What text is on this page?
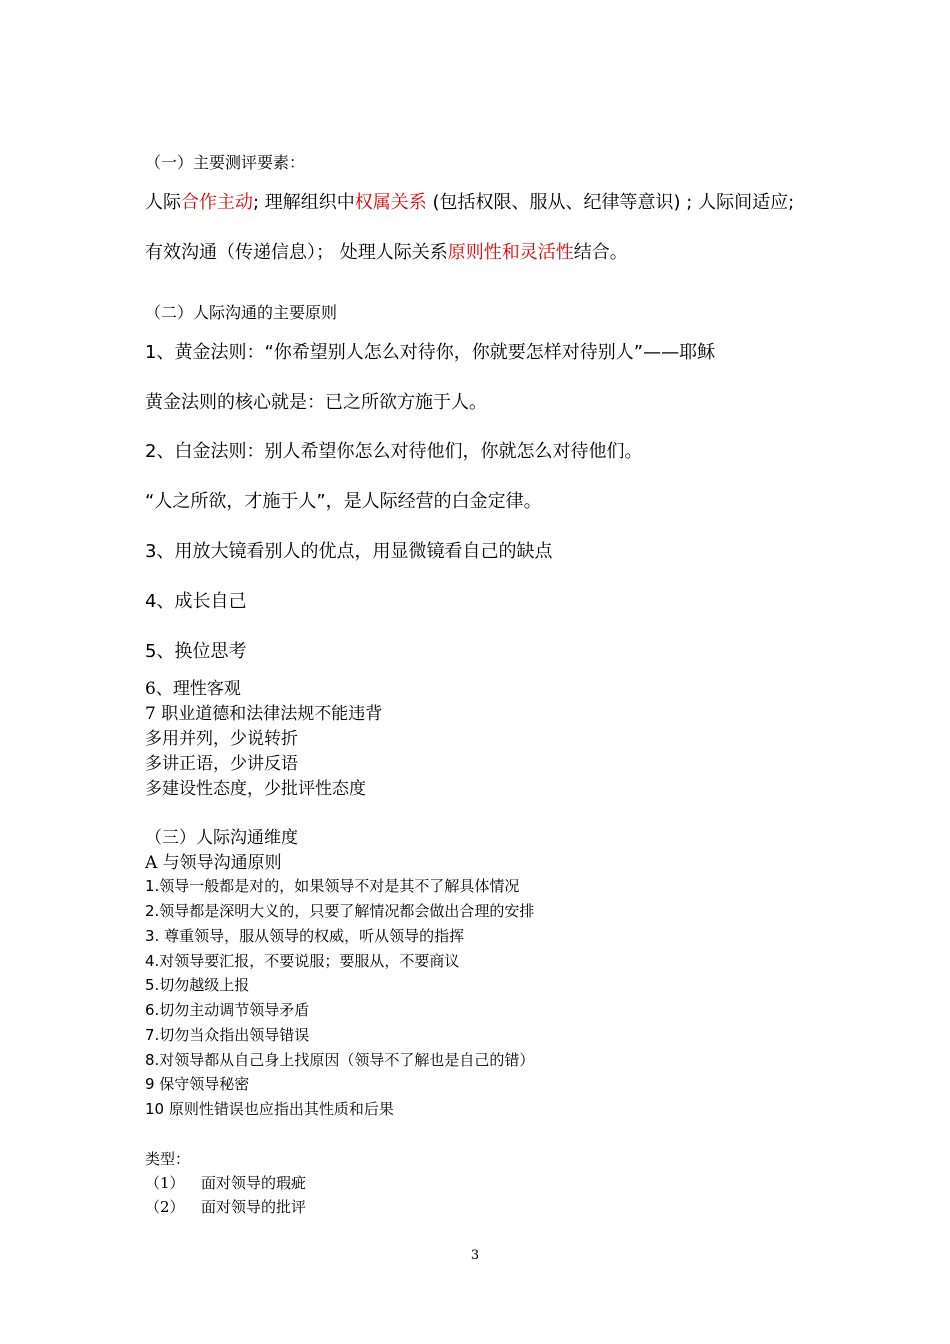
（一）主要测评要素：
人际合作主动; 理解组织中权属关系 (包括权限、服从、纪律等意识) ; 人际间适应;
有效沟通（传递信息）； 处理人际关系原则性和灵活性结合。
（二）人际沟通的主要原则
1、黄金法则：“你希望别人怎么对待你，你就要怎样对待别人”——耶稣
黄金法则的核心就是：已之所欲方施于人。
2、白金法则：别人希望你怎么对待他们，你就怎么对待他们。
“人之所欲，才施于人”，是人际经营的白金定律。
3、用放大镜看别人的优点，用显微镜看自己的缺点
4、成长自己
5、换位思考
6、理性客观
7 职业道德和法律法规不能违背
多用并列，少说转折
多讲正语，少讲反语
多建设性态度，少批评性态度
（三）人际沟通维度
A 与领导沟通原则
1.领导一般都是对的，如果领导不对是其不了解具体情况
2.领导都是深明大义的，只要了解情况都会做出合理的安排
3. 尊重领导，服从领导的权威，听从领导的指挥
4.对领导要汇报，不要说服；要服从，不要商议
5.切勿越级上报
6.切勿主动调节领导矛盾
7.切勿当众指出领导错误
8.对领导都从自己身上找原因（领导不了解也是自己的错）
9 保守领导秘密
10 原则性错误也应指出其性质和后果
类型：
（1） 面对领导的瑕疵
（2） 面对领导的批评
3
